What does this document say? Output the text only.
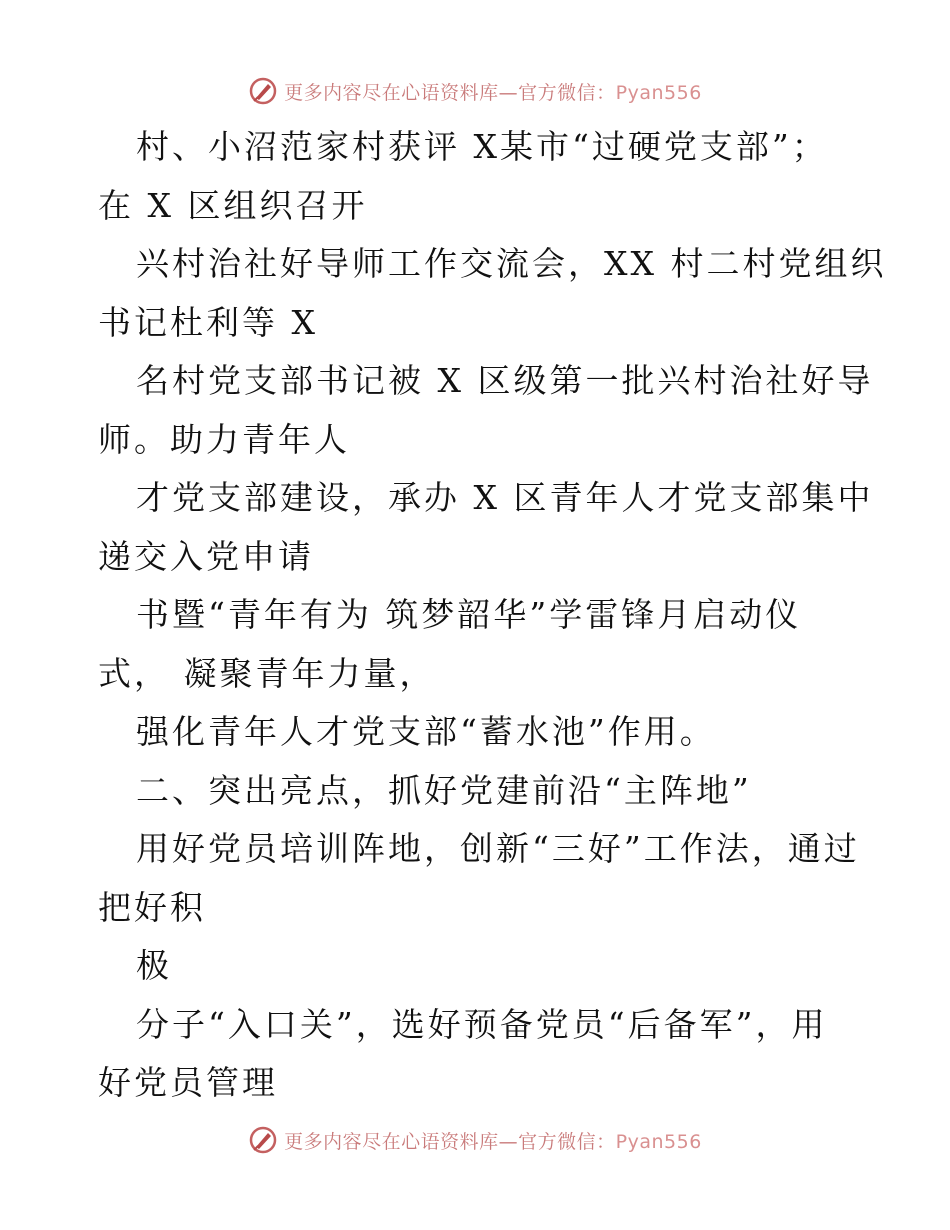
更多内容尽在心语资料库—官方微信：Pyan556
村、小沼范家村获评 X某市“过硬党支部”；
在 X 区组织召开
兴村治社好导师工作交流会，XX 村二村党组织
书记杜利等 X
名村党支部书记被 X 区级第一批兴村治社好导
师。助力青年人
才党支部建设，承办 X 区青年人才党支部集中
递交入党申请
书暨“青年有为 筑梦韶华”学雷锋月启动仪
式， 凝聚青年力量，
强化青年人才党支部“蓄水池”作用。
二、突出亮点，抓好党建前沿“主阵地”
用好党员培训阵地，创新“三好”工作法，通过
把好积
极
分子“入口关”，选好预备党员“后备军”，用
好党员管理
更多内容尽在心语资料库—官方微信：Pyan556
